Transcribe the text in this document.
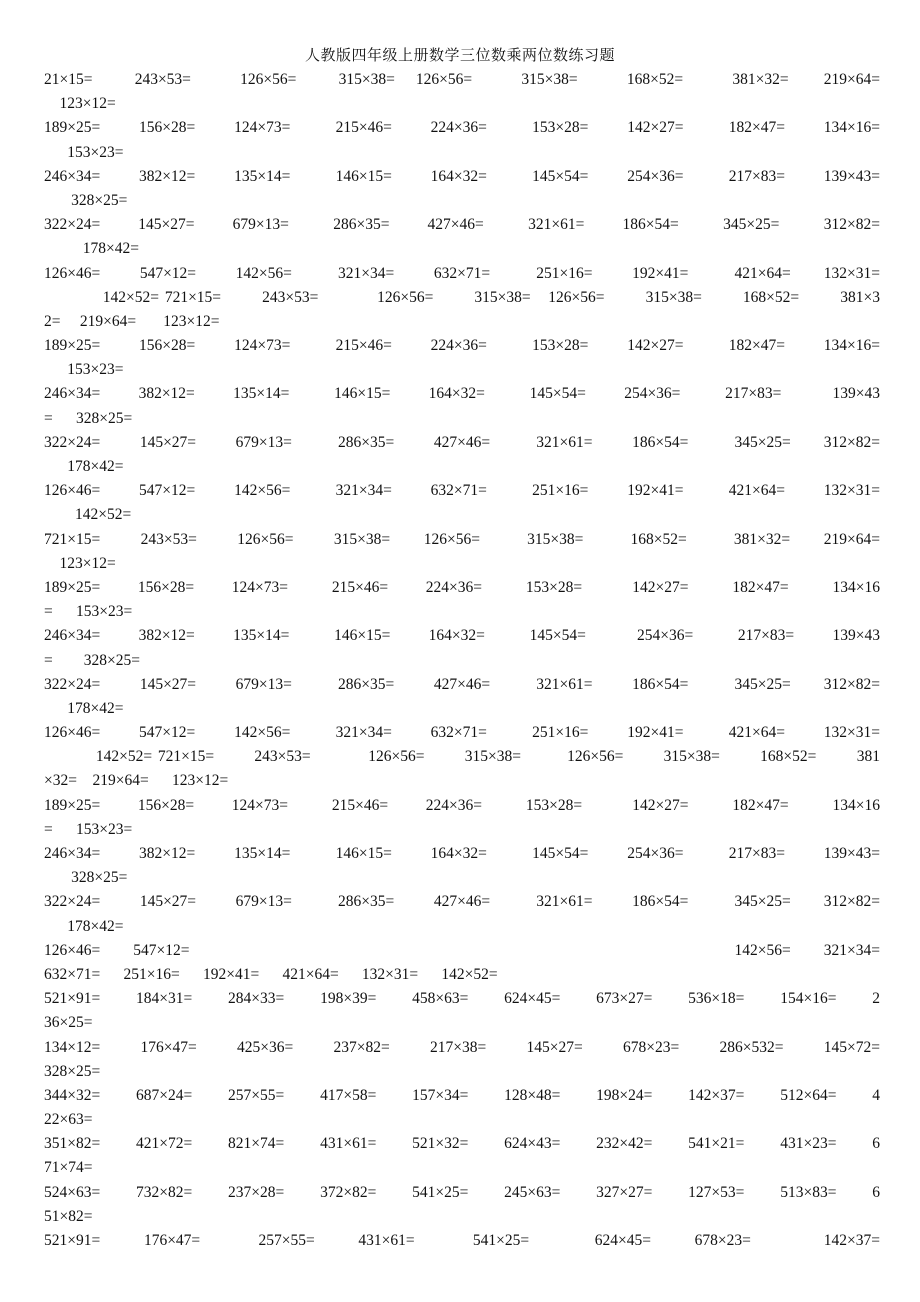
人教版四年级上册数学三位数乘两位数练习题
21×15=      243×53=       126×56=      315×38=   126×56=       315×38=       168×52=       381×32=     219×64=
123×12=
189×25=      156×28=      124×73=       215×46=      224×36=       153×28=      142×27=       182×47=      134×16=
153×23=
246×34=      382×12=      135×14=       146×15=      164×32=       145×54=      254×36=       217×83=      139×43=
328×25=
322×24=      145×27=      679×13=       286×35=      427×46=       321×61=      186×54=       345×25=       312×82=
178×42=
126×46=      547×12=      142×56=       321×34=      632×71=       251×16=      192×41=       421×64=     132×31=
142×52= 721×15=       243×53=          126×56=       315×38=   126×56=       315×38=       168×52=       381×3
2=     219×64=       123×12=
189×25=      156×28=      124×73=       215×46=      224×36=       153×28=      142×27=       182×47=      134×16=
153×23=
246×34=      382×12=      135×14=       146×15=      164×32=       145×54=      254×36=       217×83=        139×43
=      328×25=
322×24=      145×27=      679×13=       286×35=      427×46=       321×61=      186×54=       345×25=     312×82=
178×42=
126×46=      547×12=      142×56=       321×34=      632×71=       251×16=      192×41=       421×64=      132×31=
142×52=
721×15=      243×53=      126×56=      315×38=     126×56=       315×38=       168×52=       381×32=     219×64=
123×12=
189×25=      156×28=      124×73=       215×46=      224×36=       153×28=        142×27=       182×47=       134×16
=      153×23=
246×34=      382×12=      135×14=       146×15=      164×32=       145×54=        254×36=       217×83=      139×43
=        328×25=
322×24=      145×27=      679×13=       286×35=      427×46=       321×61=      186×54=       345×25=     312×82=
178×42=
126×46=      547×12=      142×56=       321×34=      632×71=       251×16=      192×41=       421×64=      132×31=
142×52= 721×15=       243×53=          126×56=       315×38=        126×56=       315×38=       168×52=       381
×32=    219×64=      123×12=
189×25=      156×28=      124×73=       215×46=      224×36=       153×28=        142×27=       182×47=       134×16
=      153×23=
246×34=      382×12=      135×14=       146×15=      164×32=       145×54=      254×36=       217×83=      139×43=
328×25=
322×24=      145×27=      679×13=       286×35=      427×46=       321×61=      186×54=       345×25=     312×82=
178×42=
126×46=      547×12=                                                                                                   142×56=      321×34=
632×71=      251×16=      192×41=      421×64=      132×31=      142×52=
521×91=      184×31=      284×33=      198×39=      458×63=      624×45=      673×27=      536×18=      154×16=      2
36×25=
134×12=      176×47=      425×36=      237×82=      217×38=      145×27=      678×23=      286×532=      145×72=
328×25=
344×32=      687×24=      257×55=      417×58=      157×34=      128×48=      198×24=      142×37=      512×64=      4
22×63=
351×82=      421×72=      821×74=      431×61=      521×32=      624×43=      232×42=      541×21=      431×23=      6
71×74=
524×63=      732×82=      237×28=      372×82=      541×25=      245×63=      327×27=      127×53=      513×83=      6
51×82=
521×91=      176×47=        257×55=      431×61=        541×25=         624×45=      678×23=          142×37=
